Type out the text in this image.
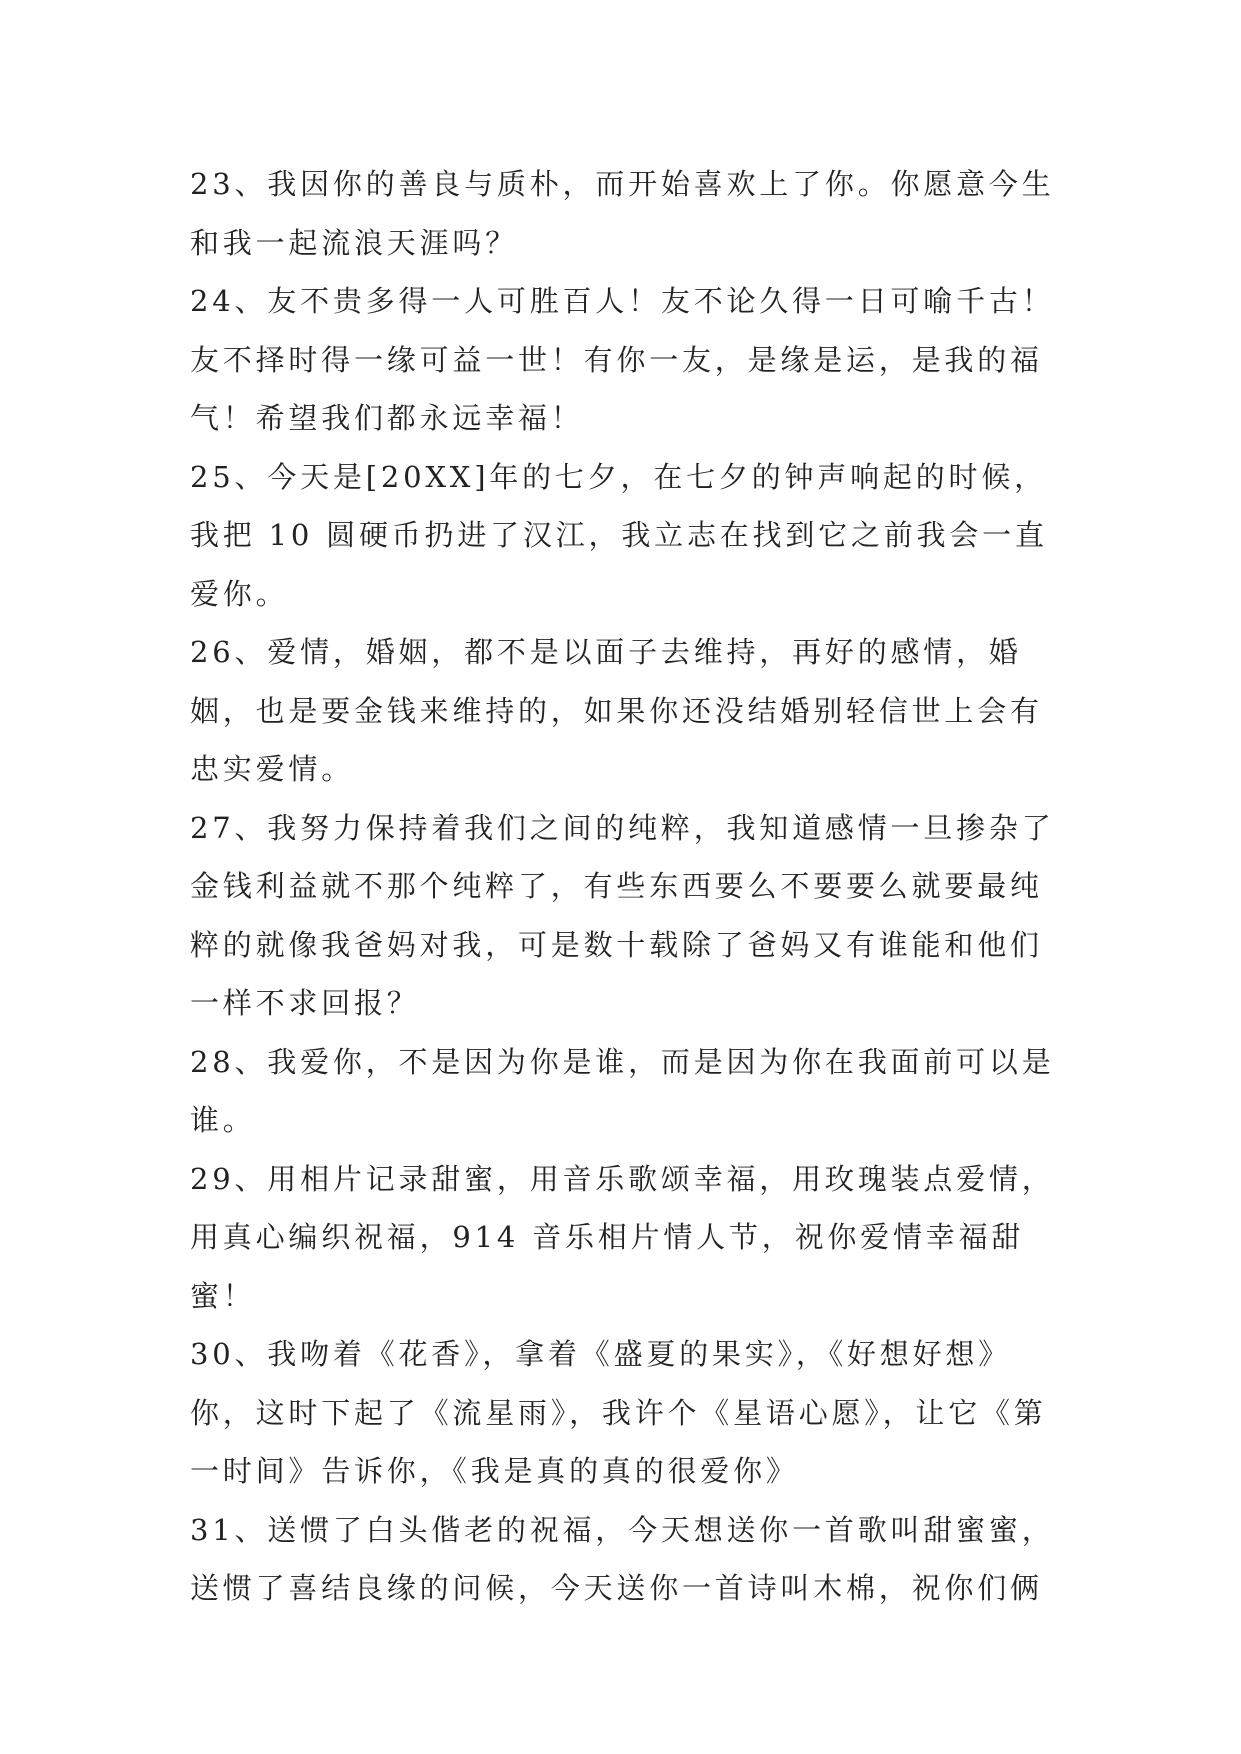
23、我因你的善良与质朴，而开始喜欢上了你。你愿意今生和我一起流浪天涯吗？

24、友不贵多得一人可胜百人！友不论久得一日可喻千古！友不择时得一缘可益一世！有你一友，是缘是运，是我的福气！希望我们都永远幸福！

25、今天是[20XX]年的七夕，在七夕的钟声响起的时候，我把 10 圆硬币扔进了汉江，我立志在找到它之前我会一直爱你。

26、爱情，婚姻，都不是以面子去维持，再好的感情，婚姻，也是要金钱来维持的，如果你还没结婚别轻信世上会有忠实爱情。

27、我努力保持着我们之间的纯粹，我知道感情一旦掺杂了金钱利益就不那个纯粹了，有些东西要么不要要么就要最纯粹的就像我爸妈对我，可是数十载除了爸妈又有谁能和他们一样不求回报？

28、我爱你，不是因为你是谁，而是因为你在我面前可以是谁。

29、用相片记录甜蜜，用音乐歌颂幸福，用玫瑰装点爱情，用真心编织祝福，914 音乐相片情人节，祝你爱情幸福甜蜜！

30、我吻着《花香》，拿着《盛夏的果实》，《好想好想》你，这时下起了《流星雨》，我许个《星语心愿》，让它《第一时间》告诉你，《我是真的真的很爱你》

31、送惯了白头偕老的祝福，今天想送你一首歌叫甜蜜蜜，送惯了喜结良缘的问候，今天送你一首诗叫木棉，祝你们俩
